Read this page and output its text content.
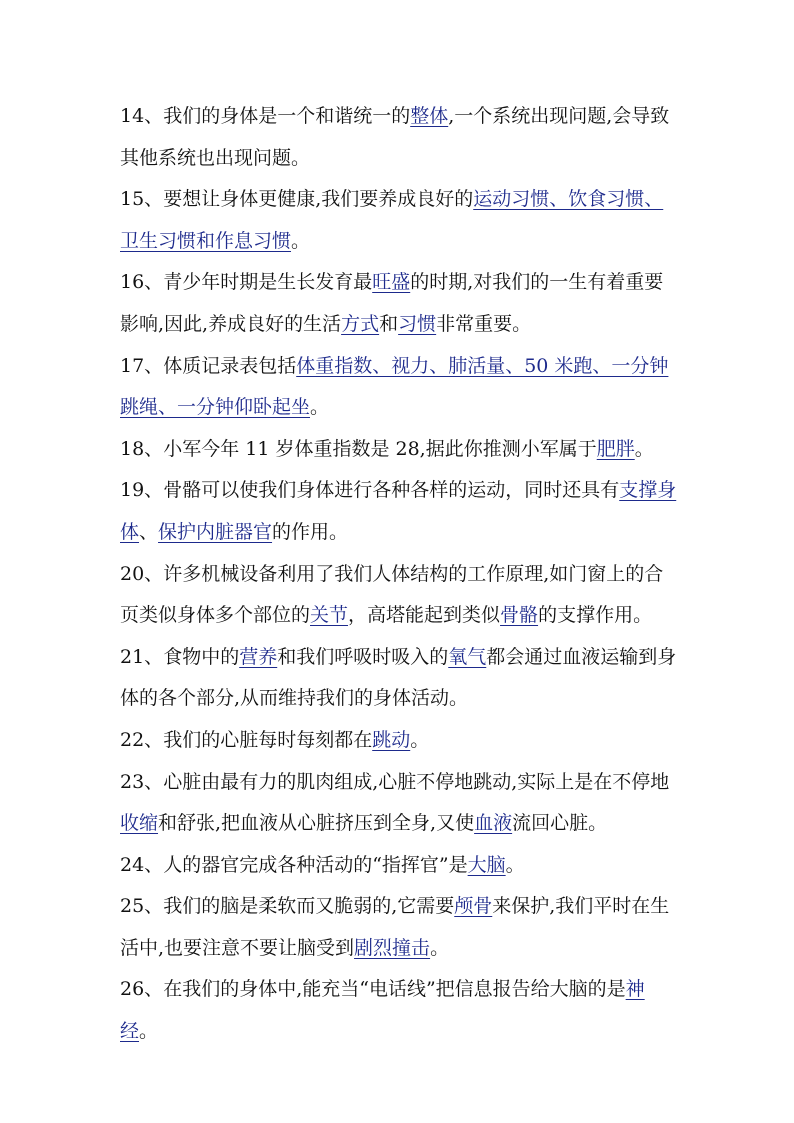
14、我们的身体是一个和谐统一的整体,一个系统出现问题,会导致其他系统也出现问题。

15、要想让身体更健康,我们要养成良好的运动习惯、饮食习惯、卫生习惯和作息习惯。

16、青少年时期是生长发育最旺盛的时期,对我们的一生有着重要影响,因此,养成良好的生活方式和习惯非常重要。

17、体质记录表包括体重指数、视力、肺活量、50 米跑、一分钟跳绳、一分钟仰卧起坐。

18、小军今年 11 岁体重指数是 28,据此你推测小军属于肥胖。

19、骨骼可以使我们身体进行各种各样的运动，同时还具有支撑身体、保护内脏器官的作用。

20、许多机械设备利用了我们人体结构的工作原理,如门窗上的合页类似身体多个部位的关节，高塔能起到类似骨骼的支撑作用。

21、食物中的营养和我们呼吸时吸入的氧气都会通过血液运输到身体的各个部分,从而维持我们的身体活动。

22、我们的心脏每时每刻都在跳动。

23、心脏由最有力的肌肉组成,心脏不停地跳动,实际上是在不停地收缩和舒张,把血液从心脏挤压到全身,又使血液流回心脏。

24、人的器官完成各种活动的“指挥官”是大脑。

25、我们的脑是柔软而又脆弱的,它需要颅骨来保护,我们平时在生活中,也要注意不要让脑受到剧烈撞击。

26、在我们的身体中,能充当“电话线”把信息报告给大脑的是神经。
